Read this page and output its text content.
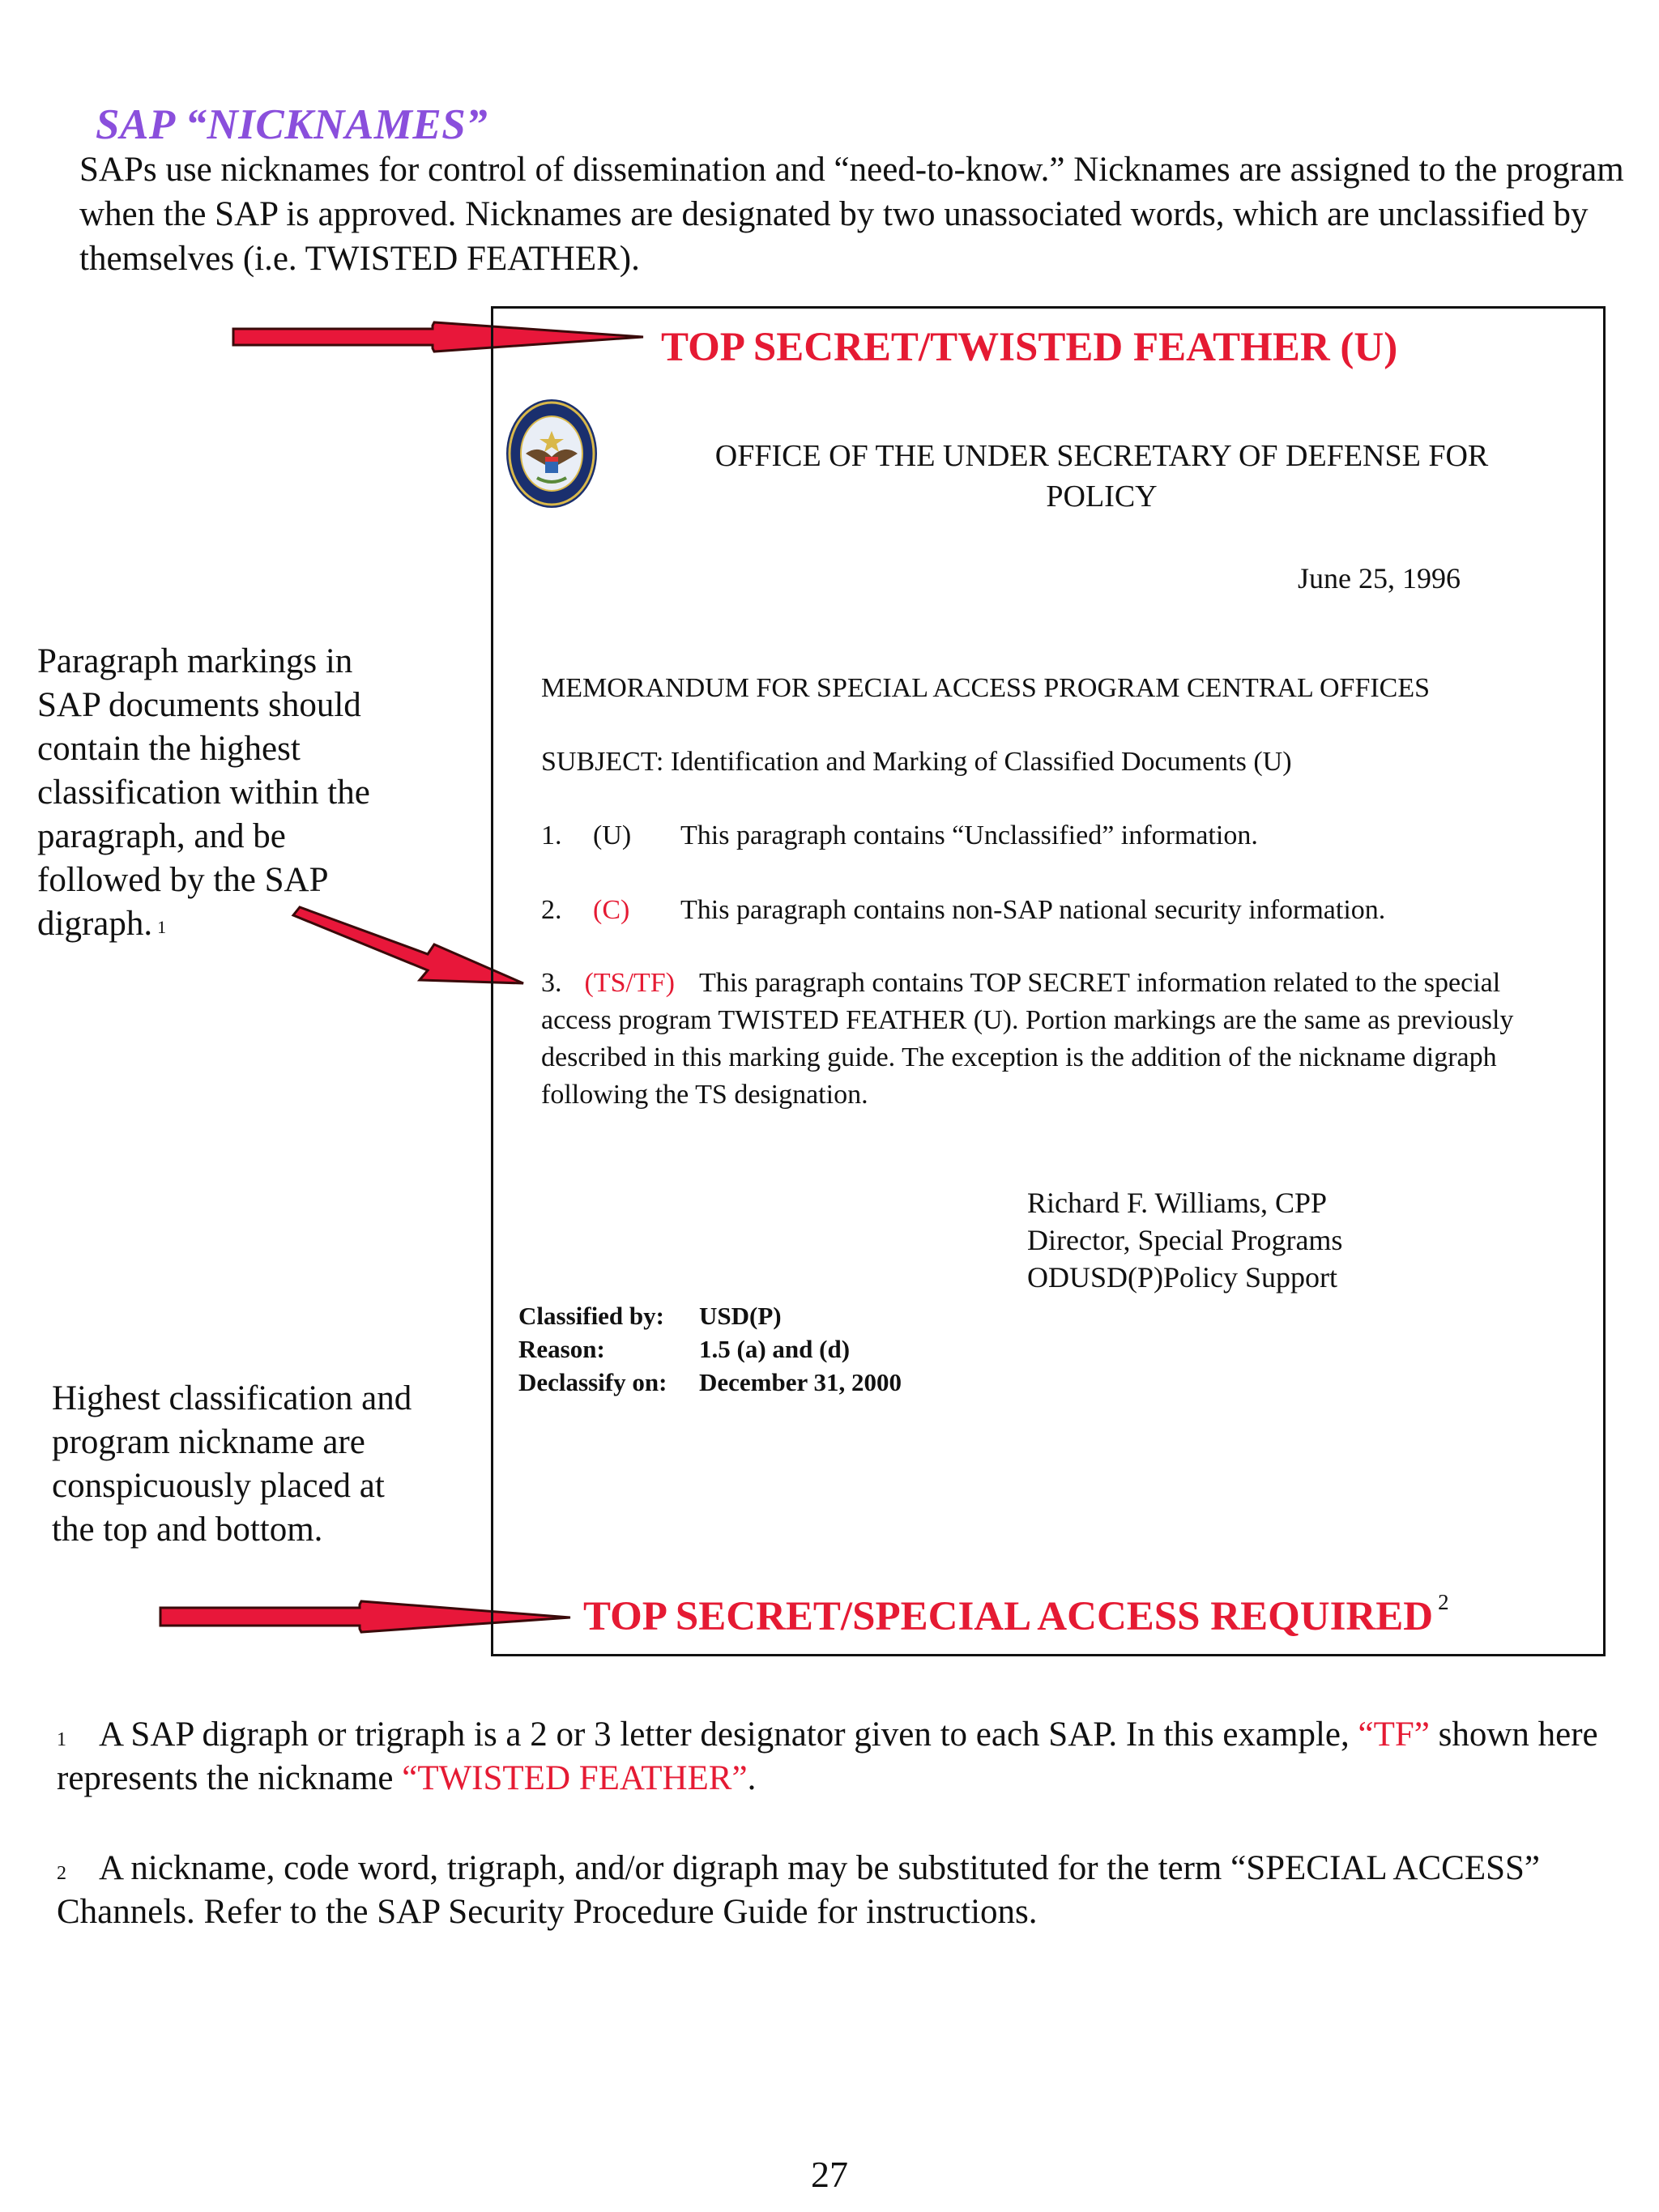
SAP “NICKNAMES”
SAPs use nicknames for control of dissemination and “need-to-know.” Nicknames are assigned to the program when the SAP is approved. Nicknames are designated by two unassociated words, which are unclassified by themselves (i.e. TWISTED FEATHER).
TOP SECRET/TWISTED FEATHER (U)
OFFICE OF THE UNDER SECRETARY OF DEFENSE FOR
POLICY
June 25, 1996
MEMORANDUM FOR SPECIAL ACCESS PROGRAM CENTRAL OFFICES
SUBJECT: Identification and Marking of Classified Documents (U)
1. (U) This paragraph contains “Unclassified” information.
2. (C) This paragraph contains non-SAP national security information.
3. (TS/TF) This paragraph contains TOP SECRET information related to the special access program TWISTED FEATHER (U). Portion markings are the same as previously described in this marking guide. The exception is the addition of the nickname digraph following the TS designation.
Richard F. Williams, CPP
Director, Special Programs
ODUSD(P)Policy Support
Classified by: USD(P)
Reason:	1.5 (a) and (d)
Declassify on: December 31, 2000
TOP SECRET/SPECIAL ACCESS REQUIRED $^2$
Paragraph markings in SAP documents should contain the highest classification within the paragraph, and be followed by the SAP digraph. $^1$
Highest classification and program nickname are conspicuously placed at the top and bottom.
$^1$ A SAP digraph or trigraph is a 2 or 3 letter designator given to each SAP. In this example, “TF” shown here represents the nickname “TWISTED FEATHER”.
$^2$ A nickname, code word, trigraph, and/or digraph may be substituted for the term “SPECIAL ACCESS” Channels. Refer to the SAP Security Procedure Guide for instructions.
27
